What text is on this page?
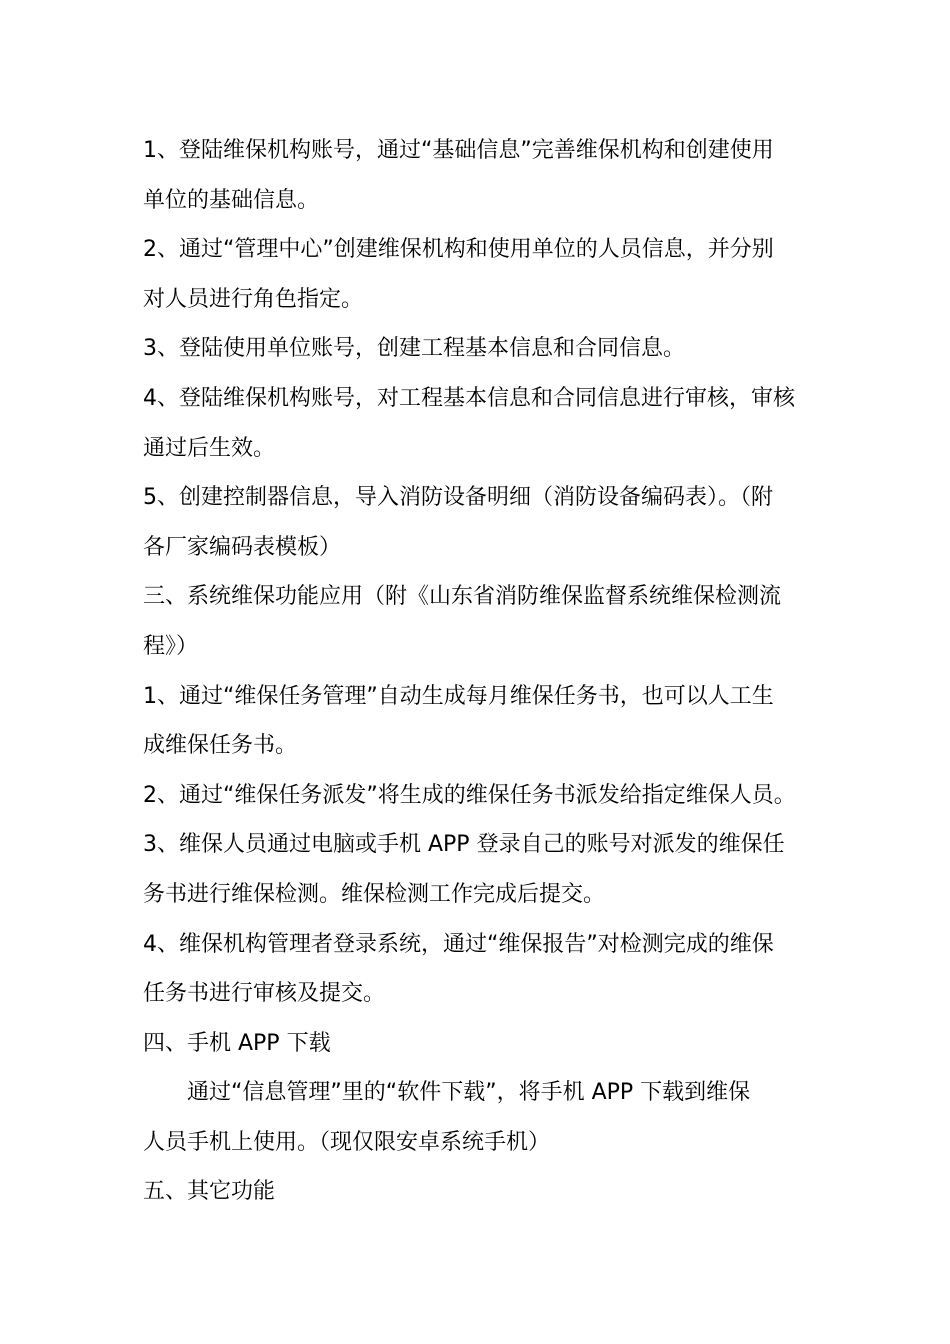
1、登陆维保机构账号，通过“基础信息”完善维保机构和创建使用

单位的基础信息。

2、通过“管理中心”创建维保机构和使用单位的人员信息，并分别

对人员进行角色指定。

3、登陆使用单位账号，创建工程基本信息和合同信息。

4、登陆维保机构账号，对工程基本信息和合同信息进行审核，审核

通过后生效。

5、创建控制器信息，导入消防设备明细（消防设备编码表）。（附

各厂家编码表模板）

三、系统维保功能应用（附《山东省消防维保监督系统维保检测流

程》）

1、通过“维保任务管理”自动生成每月维保任务书，也可以人工生

成维保任务书。

2、通过“维保任务派发”将生成的维保任务书派发给指定维保人员。

3、维保人员通过电脑或手机 APP 登录自己的账号对派发的维保任

务书进行维保检测。维保检测工作完成后提交。

4、维保机构管理者登录系统，通过“维保报告”对检测完成的维保

任务书进行审核及提交。

四、手机 APP 下载

通过“信息管理”里的“软件下载”，将手机 APP 下载到维保

人员手机上使用。（现仅限安卓系统手机）

五、其它功能
